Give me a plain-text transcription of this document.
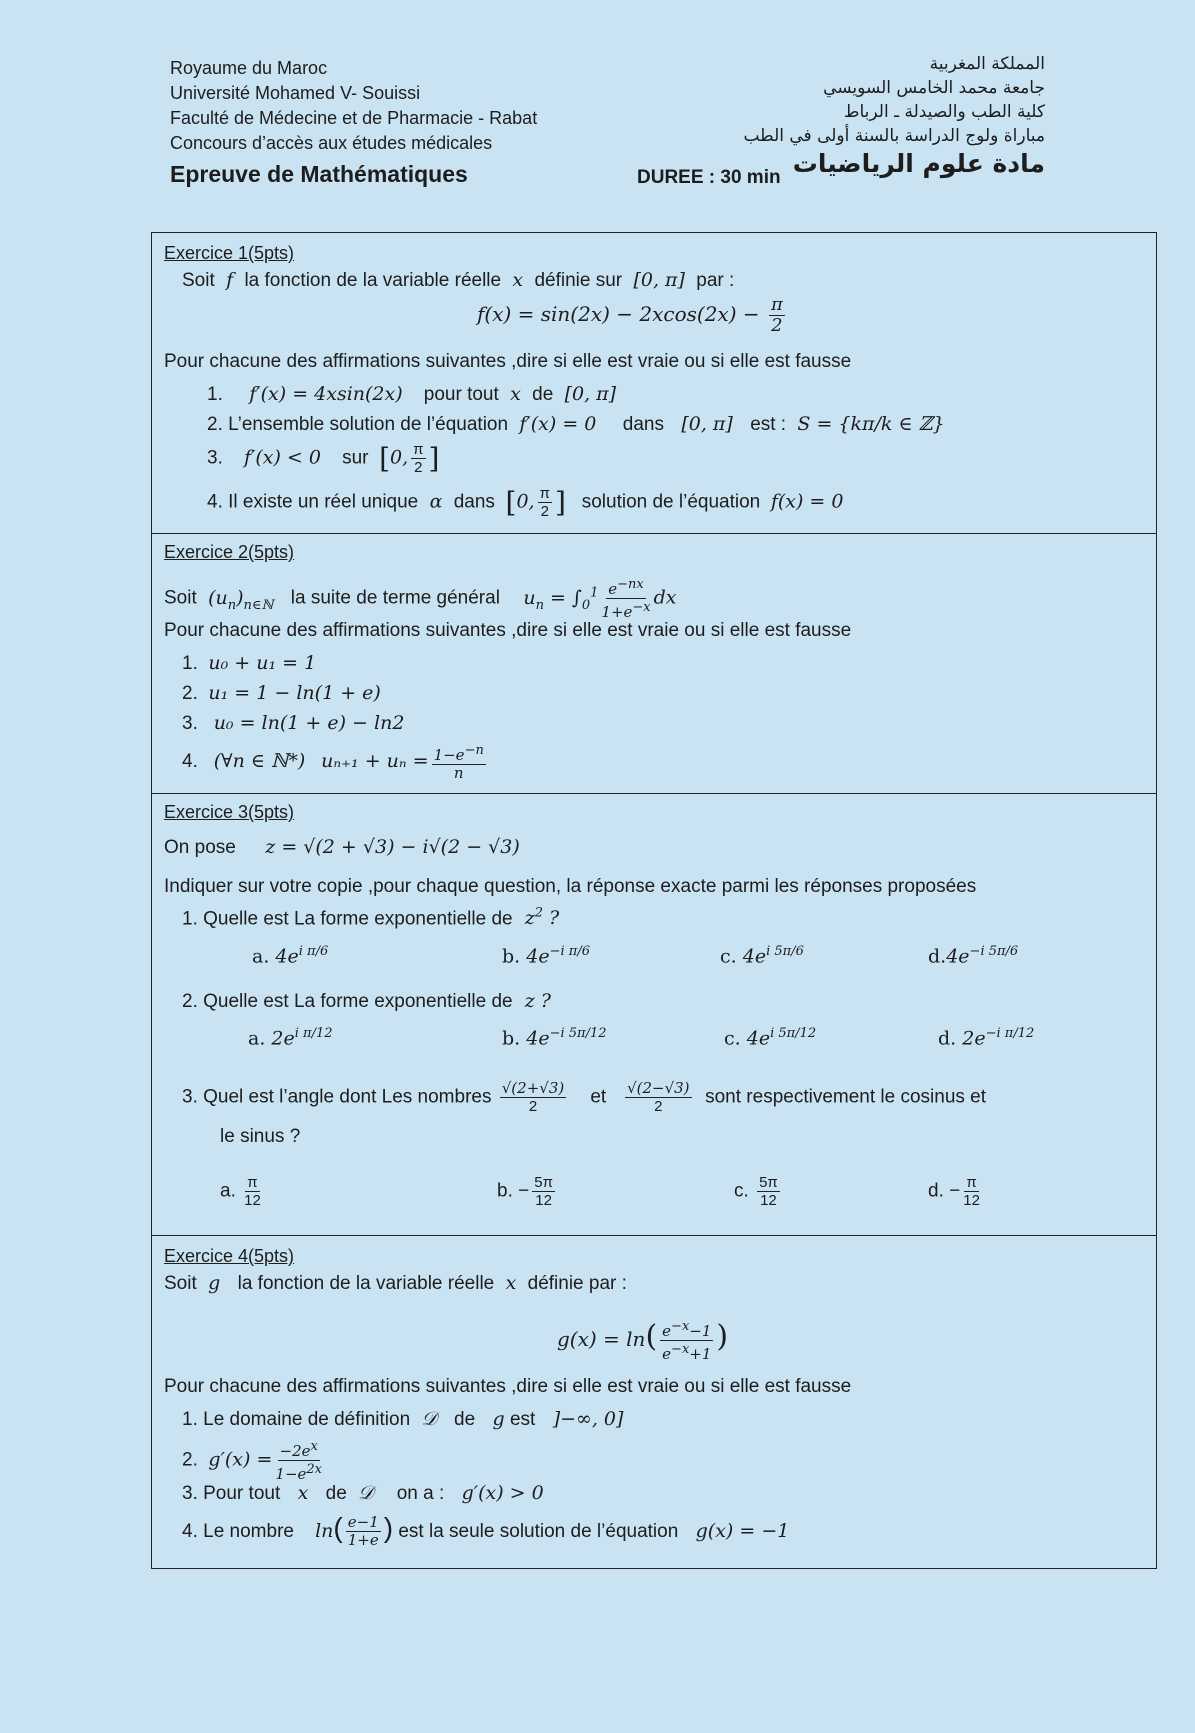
Royaume du Maroc
Université Mohamed V- Souissi
Faculté de Médecine et de Pharmacie - Rabat
Concours d’accès aux études médicales
Epreuve de Mathématiques	DUREE : 30 min
المملكة المغربية
جامعة محمد الخامس السويسي
كلية الطب والصيدلة ـ الرباط
مباراة ولوج الدراسة بالسنة أولى في الطب
مادة علوم الرياضيات
Exercice 1(5pts)
Soit  f  la fonction de la variable réelle  x  définie sur  [0, π]  par :
$f(x) = \sin(2x) - 2xcos(2x) - \frac{\pi}{2}$
Pour chacune des affirmations suivantes ,dire si elle est vraie ou si elle est fausse
1. f′(x) = 4xsin(2x) pour tout  x  de  [0, π]
2. L’ensemble solution de l’équation f′(x) = 0 dans   [0, π]   est : S = {kπ/k ∈ ℤ}
3. f′(x) < 0 sur [0, $\frac{\pi}{2}$ ]
4. Il existe un réel unique  α  dans [0, $\frac{\pi}{2}$ ] solution de l’équation f(x) = 0
Exercice 2(5pts)
Soit  $(u_n)_{n\in ℕ}$ la suite de terme général    $u_n = \int_0^1 \frac{e^{-nx}}{1+e^{-x}}$ dx
Pour chacune des affirmations suivantes ,dire si elle est vraie ou si elle est fausse
1.  u₀ + u₁ = 1
2.  u₁ = 1 − ln(1 + e)
3.   u₀ = ln(1 + e) − ln2
4.   (∀n ∈ ℕ*) $u_{n+1} + u_n = \frac{1-e^{-n}}{n}$
Exercice 3(5pts)
On pose     z = √(2 + √3) − i√(2 − √3)
Indiquer sur votre copie ,pour chaque question, la réponse exacte parmi les réponses proposées
1. Quelle est La forme exponentielle de  $z^2$ ?
a. $4e^{i \pi/6}$	b. $4e^{-i \pi/6}$	c. $4e^{i 5\pi/6}$	$d.4e^{-i 5\pi/6}$
2. Quelle est La forme exponentielle de  z ?
a. $2e^{i \pi/12}$	b. $4e^{-i 5\pi/12}$	c. $4e^{i 5\pi/12}$	d. $2e^{-i \pi/12}$
3. Quel est l’angle dont Les nombres $\frac{√(2+√3)}{2}$ et $\frac{√(2-√3)}{2}$ sont respectivement le cosinus et
le sinus ?
a. $\frac{\pi}{12}$	b. − $\frac{5\pi}{12}$	c. $\frac{5\pi}{12}$	d. − $\frac{\pi}{12}$
Exercice 4(5pts)
Soit  g   la fonction de la variable réelle  x  définie par :
$g(x) = \ln( \frac{e^{-x}-1}{e^{-x}+1}$ )
Pour chacune des affirmations suivantes ,dire si elle est vraie ou si elle est fausse
1. Le domaine de définition  𝒟   de   g est   ]−∞, 0]
2. $g'(x) = \frac{-2e^x}{1-e^{2x}}$
3. Pour tout   x   de  𝒟    on a :   g′(x) > 0
4. Le nombre $\ln( \frac{e-1}{1+e}$ ) est la seule solution de l’équation   g(x) = −1
